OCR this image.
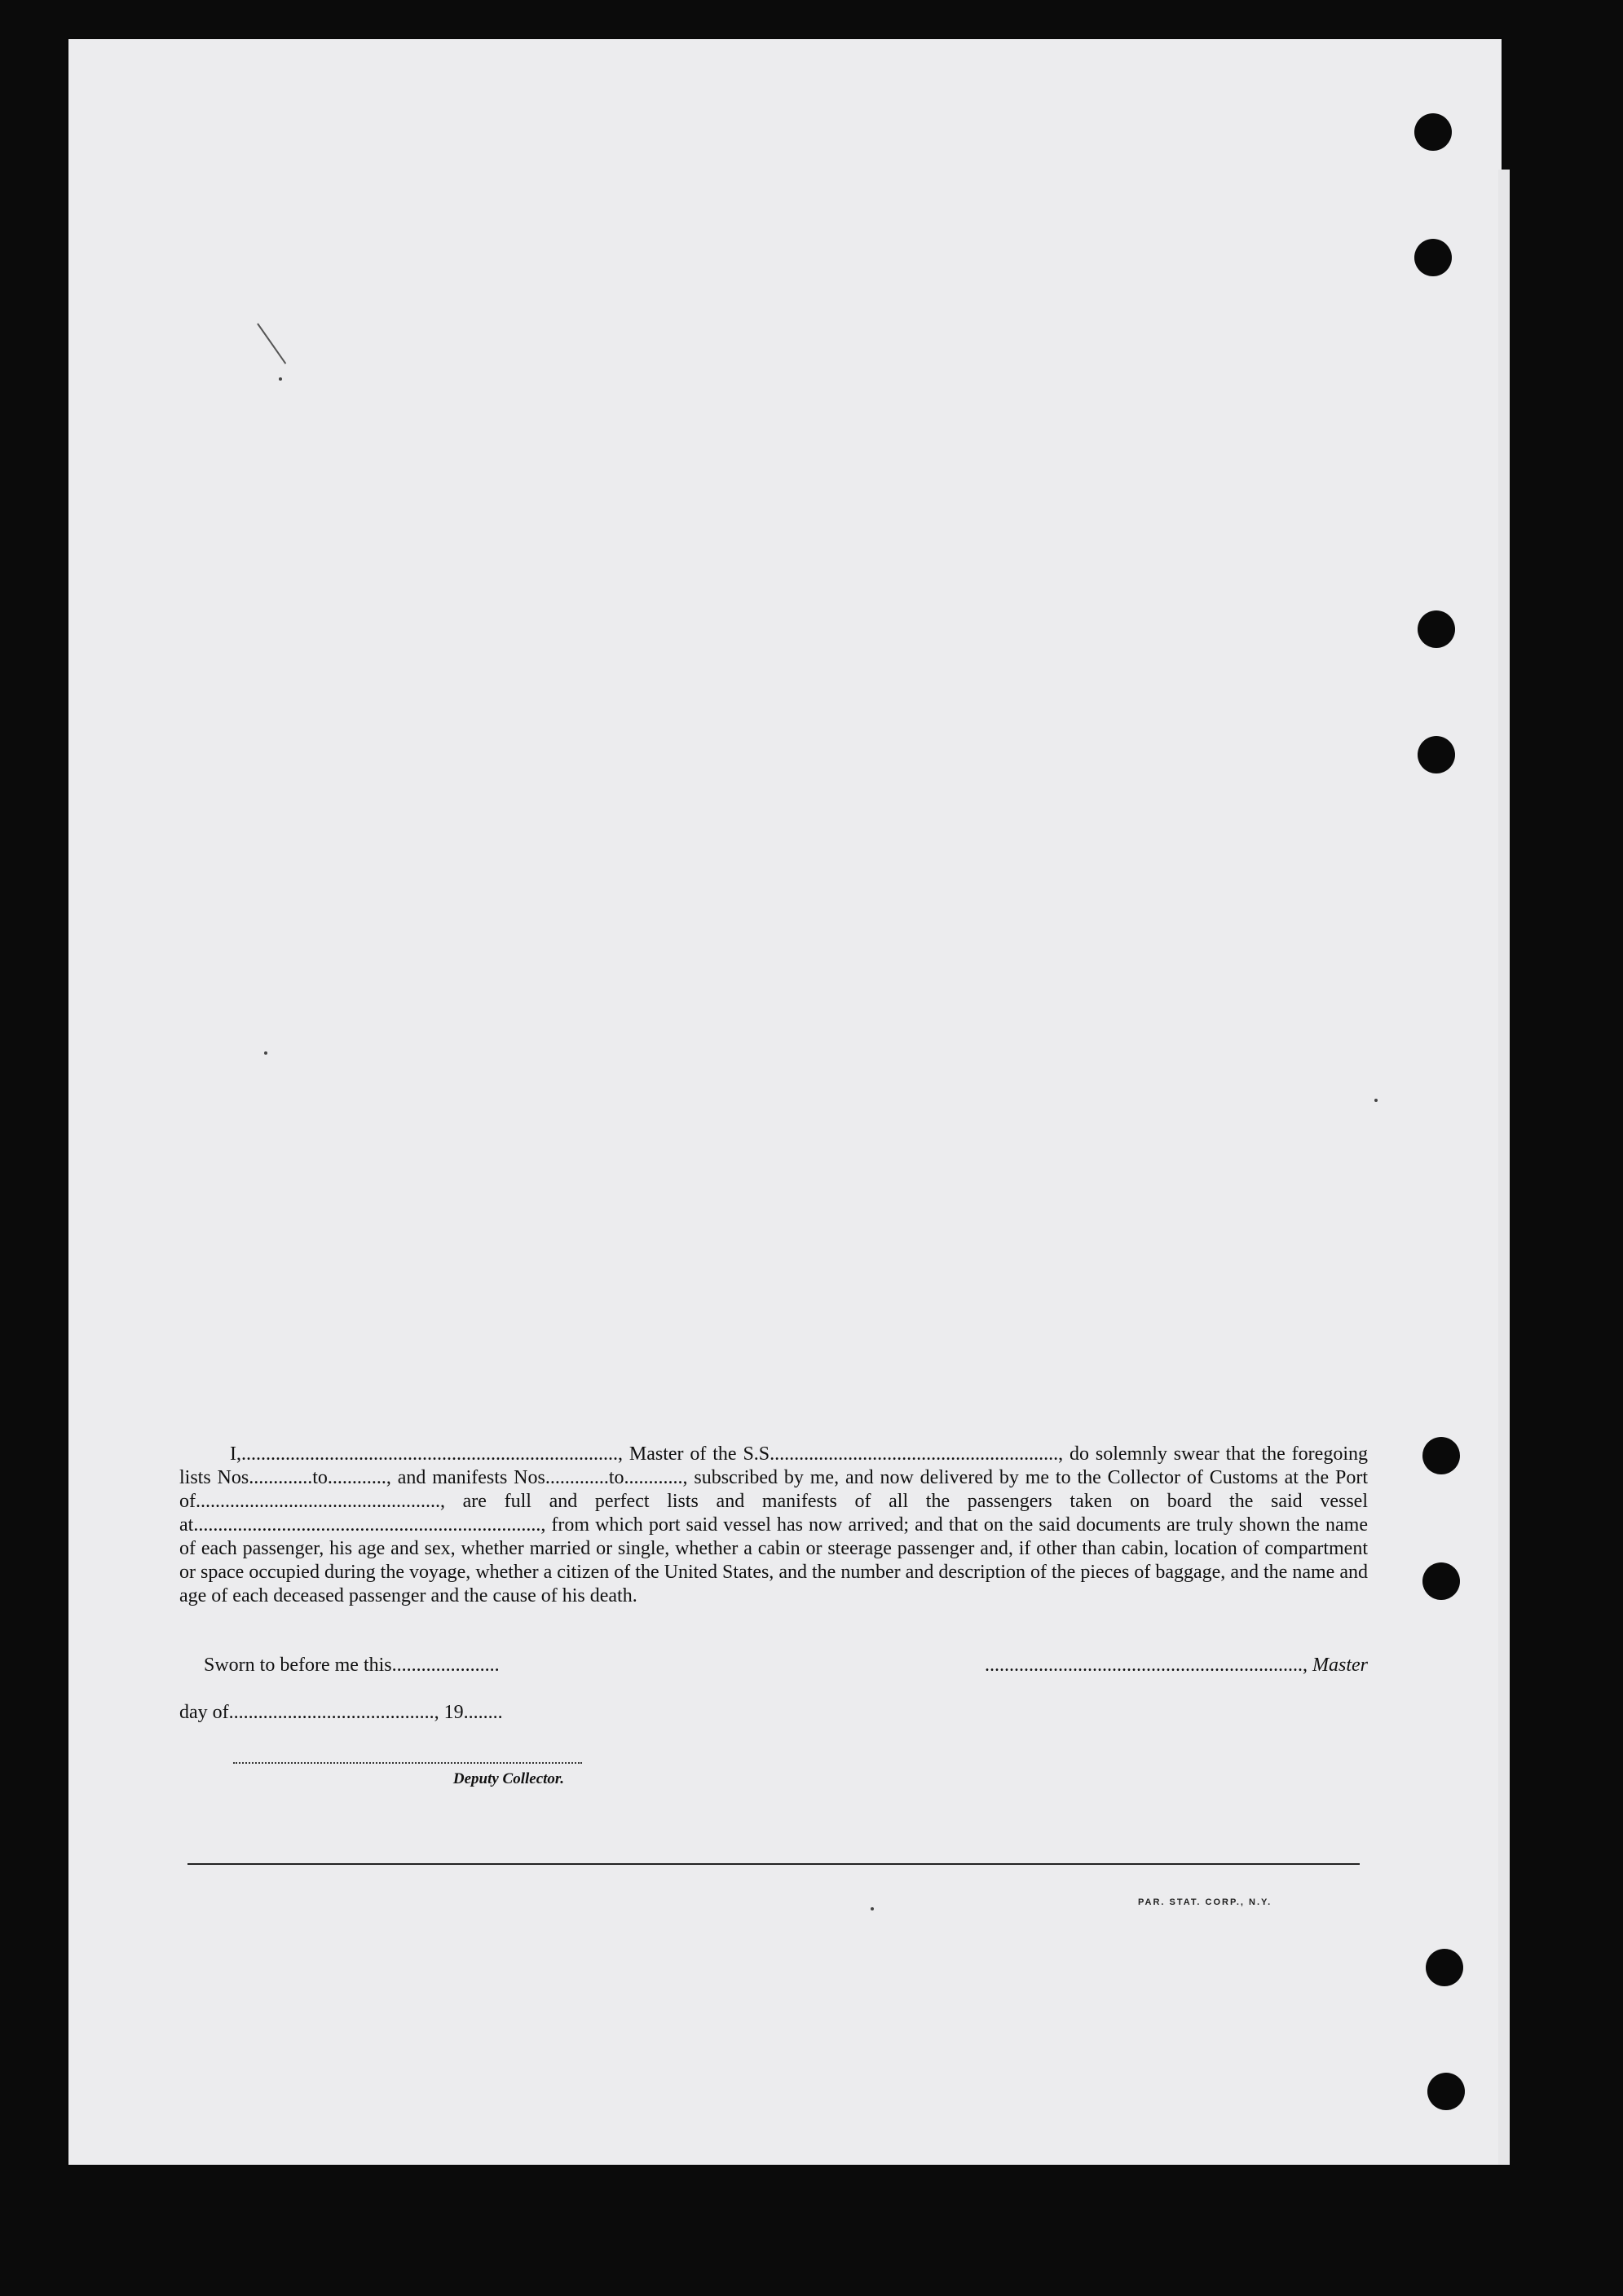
I,............................................................................., Master of the S.S..........................................................., do solemnly swear that the foregoing lists Nos.............to............, and manifests Nos.............to............, subscribed by me, and now delivered by me to the Collector of Customs at the Port of.................................................., are full and perfect lists and manifests of all the passengers taken on board the said vessel at......................................................................., from which port said vessel has now arrived; and that on the said documents are truly shown the name of each passenger, his age and sex, whether married or single, whether a cabin or steerage passenger and, if other than cabin, location of compartment or space occupied during the voyage, whether a citizen of the United States, and the number and description of the pieces of baggage, and the name and age of each deceased passenger and the cause of his death.

Sworn to before me this......................
day of.........................................., 19........
................................................................., Master
Deputy Collector.
PAR. STAT. CORP., N.Y.
